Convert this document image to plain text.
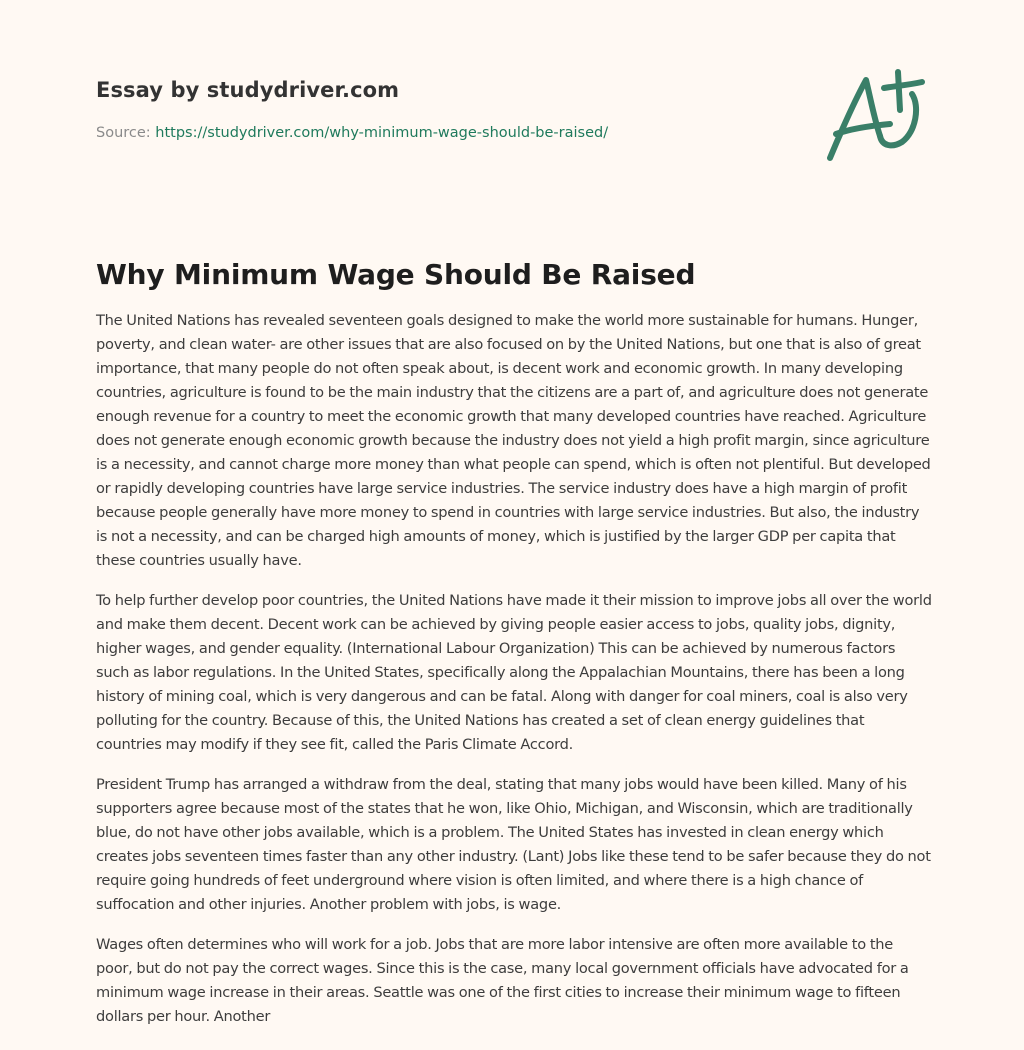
Essay by studydriver.com
Source: https://studydriver.com/why-minimum-wage-should-be-raised/
Why Minimum Wage Should Be Raised

The United Nations has revealed seventeen goals designed to make the world more sustainable for humans. Hunger, poverty, and clean water- are other issues that are also focused on by the United Nations, but one that is also of great importance, that many people do not often speak about, is decent work and economic growth. In many developing countries, agriculture is found to be the main industry that the citizens are a part of, and agriculture does not generate enough revenue for a country to meet the economic growth that many developed countries have reached. Agriculture does not generate enough economic growth because the industry does not yield a high profit margin, since agriculture is a necessity, and cannot charge more money than what people can spend, which is often not plentiful. But developed or rapidly developing countries have large service industries. The service industry does have a high margin of profit because people generally have more money to spend in countries with large service industries. But also, the industry is not a necessity, and can be charged high amounts of money, which is justified by the larger GDP per capita that these countries usually have.

To help further develop poor countries, the United Nations have made it their mission to improve jobs all over the world and make them decent. Decent work can be achieved by giving people easier access to jobs, quality jobs, dignity, higher wages, and gender equality. (International Labour Organization) This can be achieved by numerous factors such as labor regulations. In the United States, specifically along the Appalachian Mountains, there has been a long history of mining coal, which is very dangerous and can be fatal. Along with danger for coal miners, coal is also very polluting for the country. Because of this, the United Nations has created a set of clean energy guidelines that countries may modify if they see fit, called the Paris Climate Accord.

President Trump has arranged a withdraw from the deal, stating that many jobs would have been killed. Many of his supporters agree because most of the states that he won, like Ohio, Michigan, and Wisconsin, which are traditionally blue, do not have other jobs available, which is a problem. The United States has invested in clean energy which creates jobs seventeen times faster than any other industry. (Lant) Jobs like these tend to be safer because they do not require going hundreds of feet underground where vision is often limited, and where there is a high chance of suffocation and other injuries. Another problem with jobs, is wage.

Wages often determines who will work for a job. Jobs that are more labor intensive are often more available to the poor, but do not pay the correct wages. Since this is the case, many local government officials have advocated for a minimum wage increase in their areas. Seattle was one of the first cities to increase their minimum wage to fifteen dollars per hour. Another
